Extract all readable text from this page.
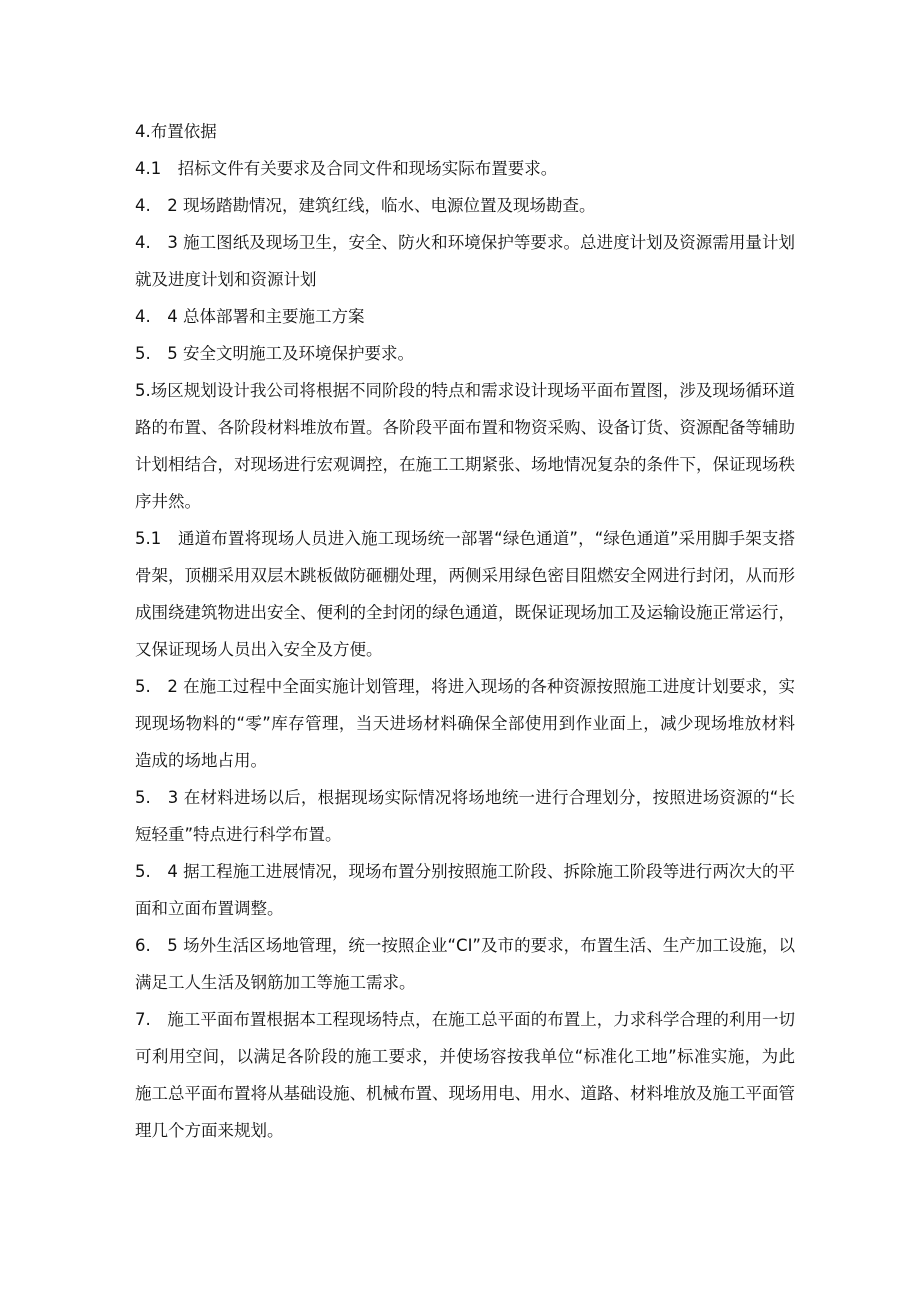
4.布置依据

4.1　招标文件有关要求及合同文件和现场实际布置要求。

4.　2 现场踏勘情况，建筑红线，临水、电源位置及现场勘查。

4.　3 施工图纸及现场卫生，安全、防火和环境保护等要求。总进度计划及资源需用量计划就及进度计划和资源计划

4.　4 总体部署和主要施工方案

5.　5 安全文明施工及环境保护要求。

5.场区规划设计我公司将根据不同阶段的特点和需求设计现场平面布置图，涉及现场循环道路的布置、各阶段材料堆放布置。各阶段平面布置和物资采购、设备订货、资源配备等辅助计划相结合，对现场进行宏观调控，在施工工期紧张、场地情况复杂的条件下，保证现场秩序井然。

5.1　通道布置将现场人员进入施工现场统一部署“绿色通道”，“绿色通道”采用脚手架支搭骨架，顶棚采用双层木跳板做防砸棚处理，两侧采用绿色密目阻燃安全网进行封闭，从而形成围绕建筑物进出安全、便利的全封闭的绿色通道，既保证现场加工及运输设施正常运行，又保证现场人员出入安全及方便。

5.　2 在施工过程中全面实施计划管理，将进入现场的各种资源按照施工进度计划要求，实现现场物料的“零”库存管理，当天进场材料确保全部使用到作业面上，减少现场堆放材料造成的场地占用。

5.　3 在材料进场以后，根据现场实际情况将场地统一进行合理划分，按照进场资源的“长短轻重”特点进行科学布置。

5.　4 据工程施工进展情况，现场布置分别按照施工阶段、拆除施工阶段等进行两次大的平面和立面布置调整。

6.　5 场外生活区场地管理，统一按照企业“CI”及市的要求，布置生活、生产加工设施，以满足工人生活及钢筋加工等施工需求。

7.　施工平面布置根据本工程现场特点，在施工总平面的布置上，力求科学合理的利用一切可利用空间，以满足各阶段的施工要求，并使场容按我单位“标准化工地”标准实施，为此施工总平面布置将从基础设施、机械布置、现场用电、用水、道路、材料堆放及施工平面管理几个方面来规划。
